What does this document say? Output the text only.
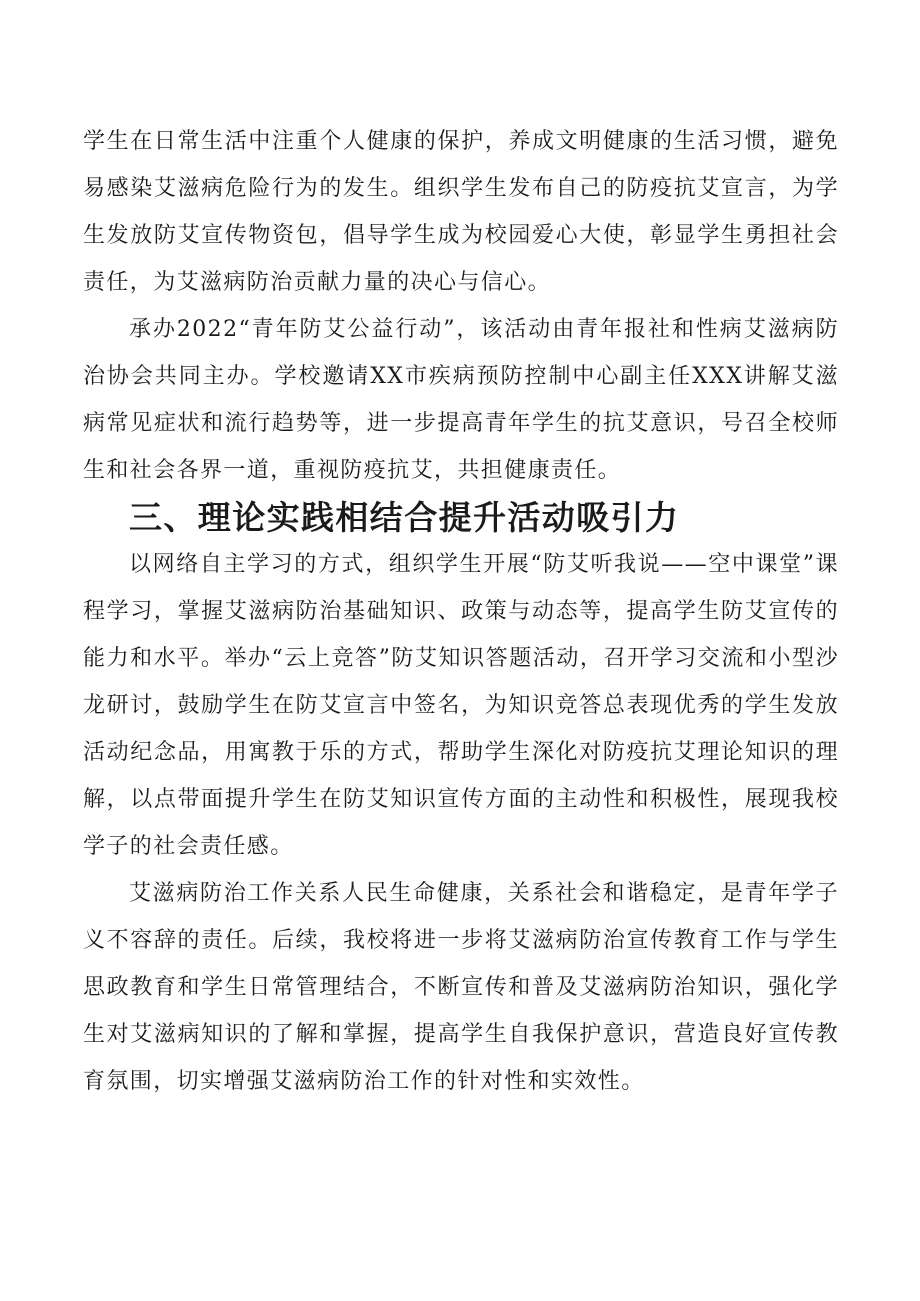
学生在日常生活中注重个人健康的保护，养成文明健康的生活习惯，避免易感染艾滋病危险行为的发生。组织学生发布自己的防疫抗艾宣言，为学生发放防艾宣传物资包，倡导学生成为校园爱心大使，彰显学生勇担社会责任，为艾滋病防治贡献力量的决心与信心。

承办2022“青年防艾公益行动”，该活动由青年报社和性病艾滋病防治协会共同主办。学校邀请XX市疾病预防控制中心副主任XXX讲解艾滋病常见症状和流行趋势等，进一步提高青年学生的抗艾意识，号召全校师生和社会各界一道，重视防疫抗艾，共担健康责任。

三、理论实践相结合提升活动吸引力

以网络自主学习的方式，组织学生开展“防艾听我说——空中课堂”课程学习，掌握艾滋病防治基础知识、政策与动态等，提高学生防艾宣传的能力和水平。举办“云上竞答”防艾知识答题活动，召开学习交流和小型沙龙研讨，鼓励学生在防艾宣言中签名，为知识竞答总表现优秀的学生发放活动纪念品，用寓教于乐的方式，帮助学生深化对防疫抗艾理论知识的理解，以点带面提升学生在防艾知识宣传方面的主动性和积极性，展现我校学子的社会责任感。

艾滋病防治工作关系人民生命健康，关系社会和谐稳定，是青年学子义不容辞的责任。后续，我校将进一步将艾滋病防治宣传教育工作与学生思政教育和学生日常管理结合，不断宣传和普及艾滋病防治知识，强化学生对艾滋病知识的了解和掌握，提高学生自我保护意识，营造良好宣传教育氛围，切实增强艾滋病防治工作的针对性和实效性。
